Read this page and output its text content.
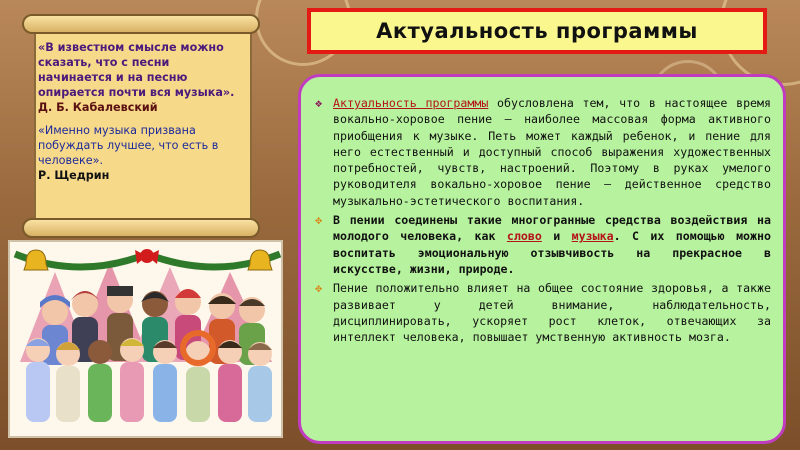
Актуальность программы

«В известном смысле можно сказать, что с песни начинается и на песню опирается почти вся музыка».

Д. Б. Кабалевский

«Именно музыка призвана побуждать лучшее, что есть в человеке».

Р. Щедрин

❖ Актуальность программы обусловлена тем, что в настоящее время вокально-хоровое пение – наиболее массовая форма активного приобщения к музыке. Петь может каждый ребенок, и пение для него естественный и доступный способ выражения художественных потребностей, чувств, настроений. Поэтому в руках умелого руководителя вокально-хоровое пение – действенное средство музыкально-эстетического воспитания.

✥ В пении соединены такие многогранные средства воздействия на молодого человека, как слово и музыка. С их помощью можно воспитать эмоциональную отзывчивость на прекрасное в искусстве, жизни, природе.

✥ Пение положительно влияет на общее состояние здоровья, а также развивает у детей внимание, наблюдательность, дисциплинировать, ускоряет рост клеток, отвечающих за интеллект человека, повышает умственную активность мозга.
